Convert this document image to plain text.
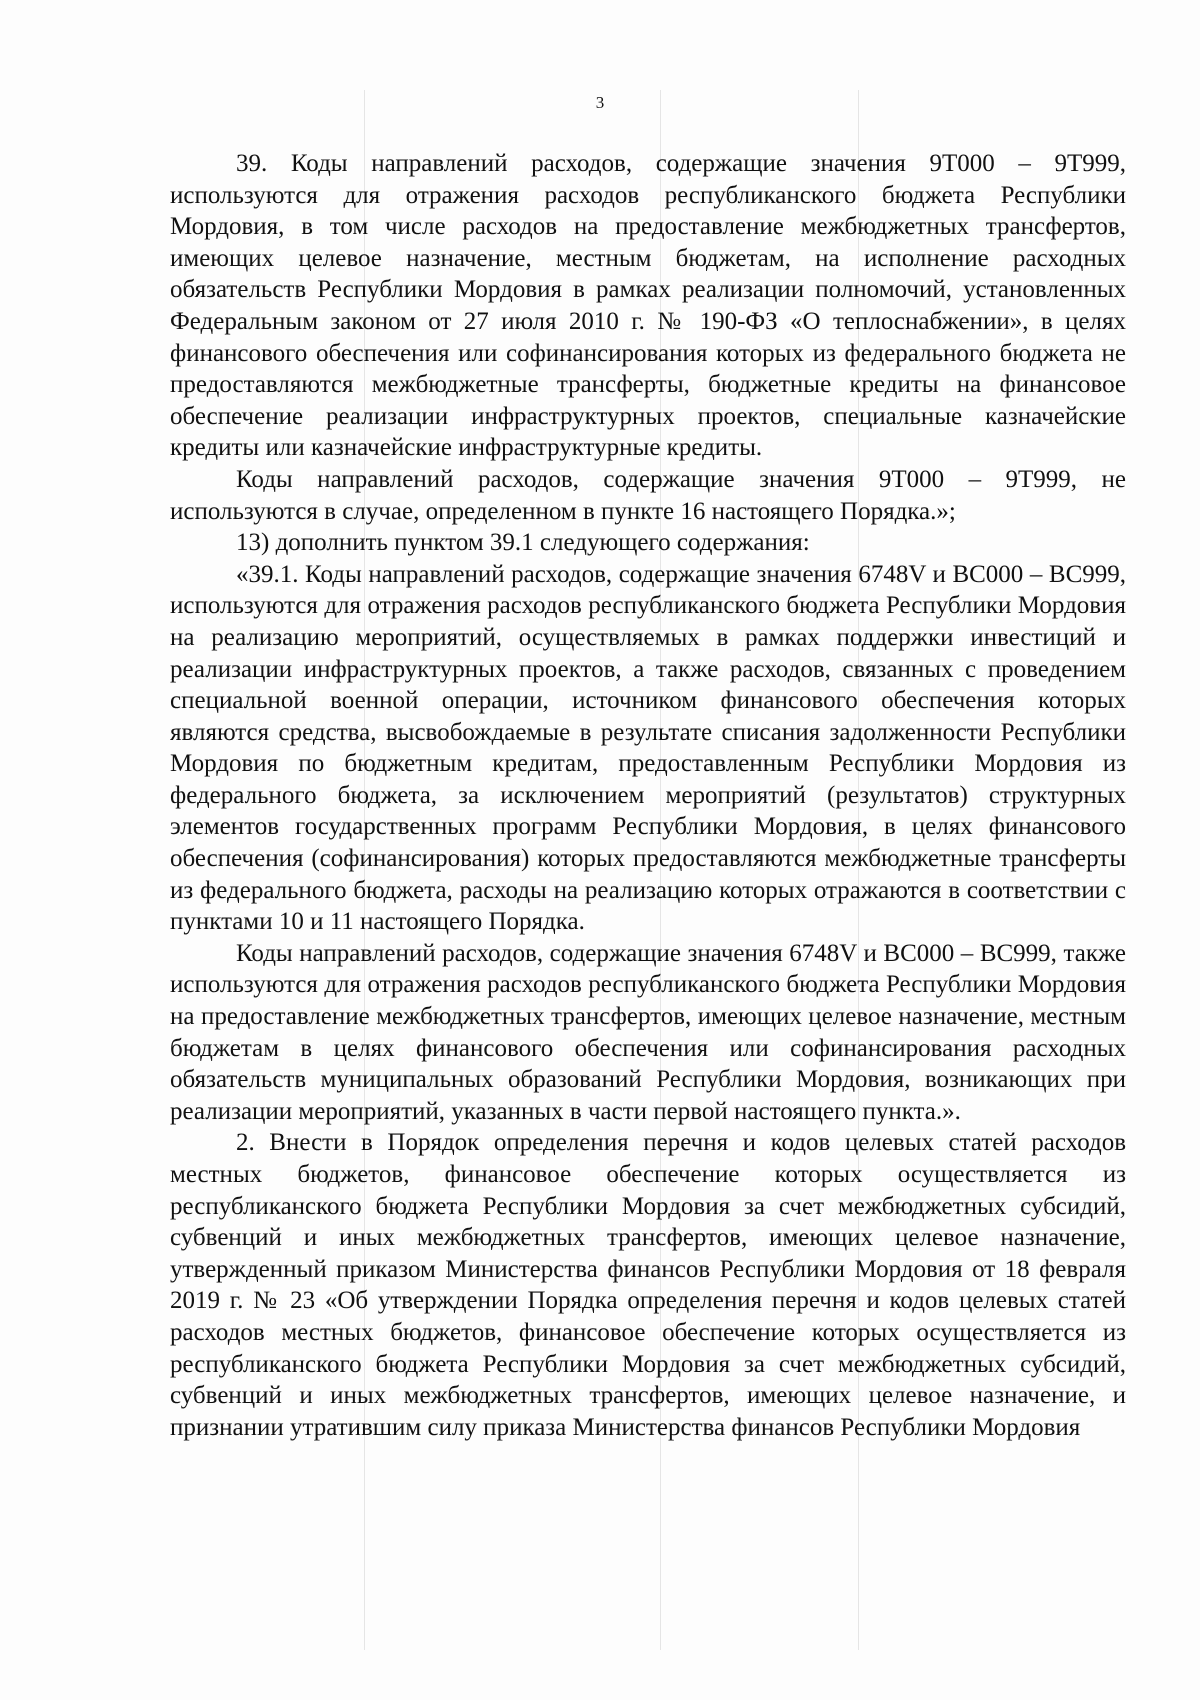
3

39. Коды направлений расходов, содержащие значения 9Т000 – 9Т999, используются для отражения расходов республиканского бюджета Республики Мордовия, в том числе расходов на предоставление межбюджетных трансфертов, имеющих целевое назначение, местным бюджетам, на исполнение расходных обязательств Республики Мордовия в рамках реализации полномочий, установленных Федеральным законом от 27 июля 2010 г. № 190-ФЗ «О теплоснабжении», в целях финансового обеспечения или софинансирования которых из федерального бюджета не предоставляются межбюджетные трансферты, бюджетные кредиты на финансовое обеспечение реализации инфраструктурных проектов, специальные казначейские кредиты или казначейские инфраструктурные кредиты.

Коды направлений расходов, содержащие значения 9Т000 – 9Т999, не используются в случае, определенном в пункте 16 настоящего Порядка.»;

13) дополнить пунктом 39.1 следующего содержания:

«39.1. Коды направлений расходов, содержащие значения 6748V и ВС000 – ВС999, используются для отражения расходов республиканского бюджета Республики Мордовия на реализацию мероприятий, осуществляемых в рамках поддержки инвестиций и реализации инфраструктурных проектов, а также расходов, связанных с проведением специальной военной операции, источником финансового обеспечения которых являются средства, высвобождаемые в результате списания задолженности Республики Мордовия по бюджетным кредитам, предоставленным Республики Мордовия из федерального бюджета, за исключением мероприятий (результатов) структурных элементов государственных программ Республики Мордовия, в целях финансового обеспечения (софинансирования) которых предоставляются межбюджетные трансферты из федерального бюджета, расходы на реализацию которых отражаются в соответствии с пунктами 10 и 11 настоящего Порядка.

Коды направлений расходов, содержащие значения 6748V и ВС000 – ВС999, также используются для отражения расходов республиканского бюджета Республики Мордовия на предоставление межбюджетных трансфертов, имеющих целевое назначение, местным бюджетам в целях финансового обеспечения или софинансирования расходных обязательств муниципальных образований Республики Мордовия, возникающих при реализации мероприятий, указанных в части первой настоящего пункта.».

2. Внести в Порядок определения перечня и кодов целевых статей расходов местных бюджетов, финансовое обеспечение которых осуществляется из республиканского бюджета Республики Мордовия за счет межбюджетных субсидий, субвенций и иных межбюджетных трансфертов, имеющих целевое назначение, утвержденный приказом Министерства финансов Республики Мордовия от 18 февраля 2019 г. № 23 «Об утверждении Порядка определения перечня и кодов целевых статей расходов местных бюджетов, финансовое обеспечение которых осуществляется из республиканского бюджета Республики Мордовия за счет межбюджетных субсидий, субвенций и иных межбюджетных трансфертов, имеющих целевое назначение, и признании утратившим силу приказа Министерства финансов Республики Мордовия
